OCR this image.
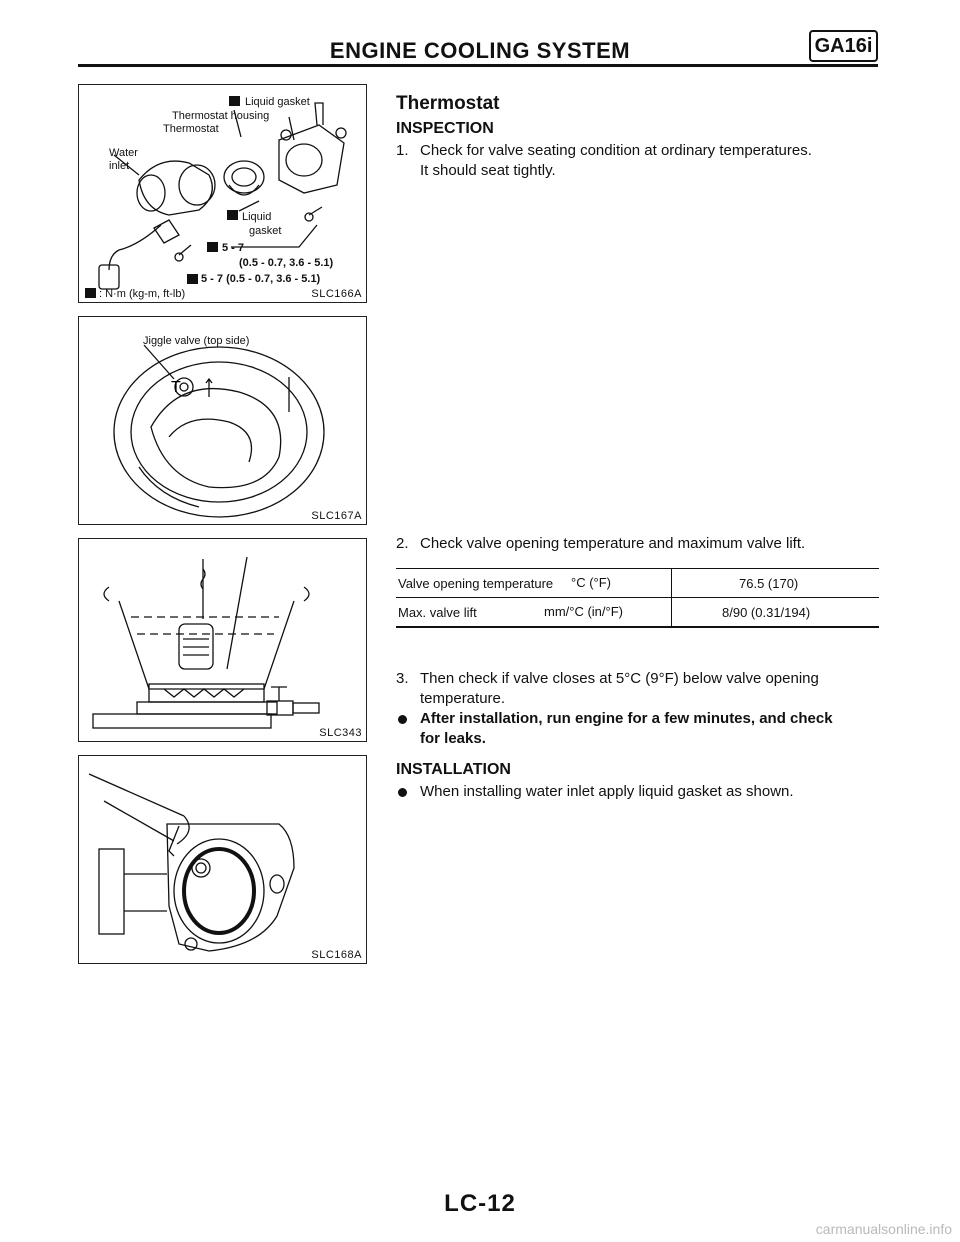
ENGINE COOLING SYSTEM	GA16i
Liquid gasket
Thermostat housing
Thermostat
Water
inlet
Liquid
gasket
5 - 7
(0.5 - 0.7, 3.6 - 5.1)
5 - 7 (0.5 - 0.7, 3.6 - 5.1)
: N·m (kg-m, ft-lb)	SLC166A
T
Jiggle valve (top side)
SLC167A
SLC343
SLC168A
Thermostat
INSPECTION
1. Check for valve seating condition at ordinary temperatures.
It should seat tightly.
2. Check valve opening temperature and maximum valve lift.
Valve opening temperature °C (°F)	76.5 (170)
Max. valve lift	mm/°C (in/°F)	8/90 (0.31/194)
3. Then check if valve closes at 5°C (9°F) below valve opening
temperature.
After installation, run engine for a few minutes, and check
for leaks.
INSTALLATION
When installing water inlet apply liquid gasket as shown.
LC-12
carmanualsonline.info
